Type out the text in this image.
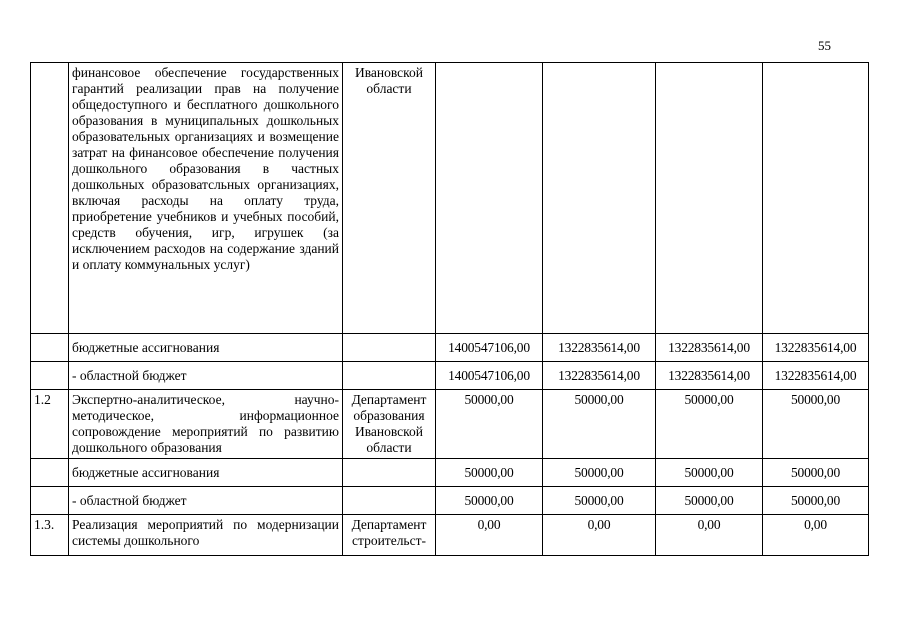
55
	финансовое обеспечение государственных гарантий реализации прав на получение общедоступного и бесплатного дошкольного образования в муниципальных дошкольных образовательных организациях и возмещение затрат на финансовое обеспечение получения дошкольного образования в частных дошкольных образоватсльных организациях, включая расходы на оплату труда, приобретение учебников и учебных пособий, средств обучения, игр, игрушек (за исключением расходов на содержание зданий и оплату коммунальных услуг)	Ивановской области				
	бюджетные ассигнования		1400547106,00	1322835614,00	1322835614,00	1322835614,00
	- областной бюджет		1400547106,00	1322835614,00	1322835614,00	1322835614,00
1.2	Экспертно-аналитическое, научно-методическое, информационное сопровождение мероприятий по развитию дошкольного образования	Департамент образования Ивановской области	50000,00	50000,00	50000,00	50000,00
	бюджетные ассигнования		50000,00	50000,00	50000,00	50000,00
	- областной бюджет		50000,00	50000,00	50000,00	50000,00
1.3.	Реализация мероприятий по модернизации системы дошкольного	Департамент строительст-	0,00	0,00	0,00	0,00
